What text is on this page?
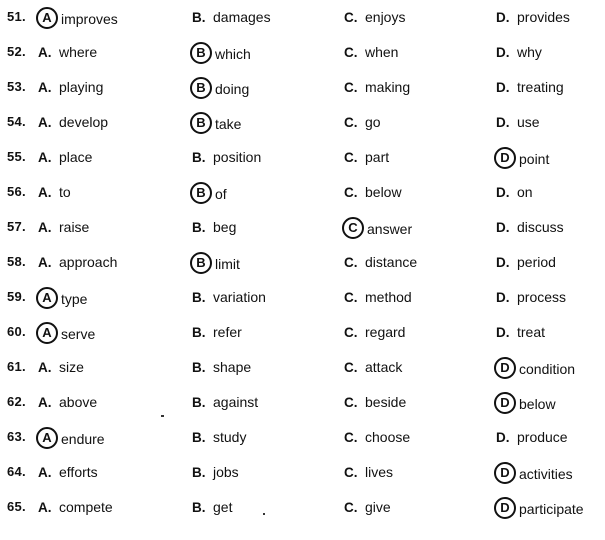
51.	A improves	B. damages	C. enjoys	D. provides
52. A. where	B which	C. when	D. why
53. A. playing	B doing	C. making	D. treating
54. A. develop	B take	C. go	D. use
55. A. place	B. position	C. part	D point
56. A. to	B of	C. below	D. on
57. A. raise	B. beg	C answer	D. discuss
58. A. approach	B limit	C. distance	D. period
59.	A type	B. variation	C. method	D. process
60.	A serve	B. refer	C. regard	D. treat
61. A. size	B. shape	C. attack	D condition
62. A. above	B. against	C. beside	D below
63.	A endure	B. study	C. choose	D. produce
64. A. efforts	B. jobs	C. lives	D activities
65. A. compete	B. get	C. give	D participate
